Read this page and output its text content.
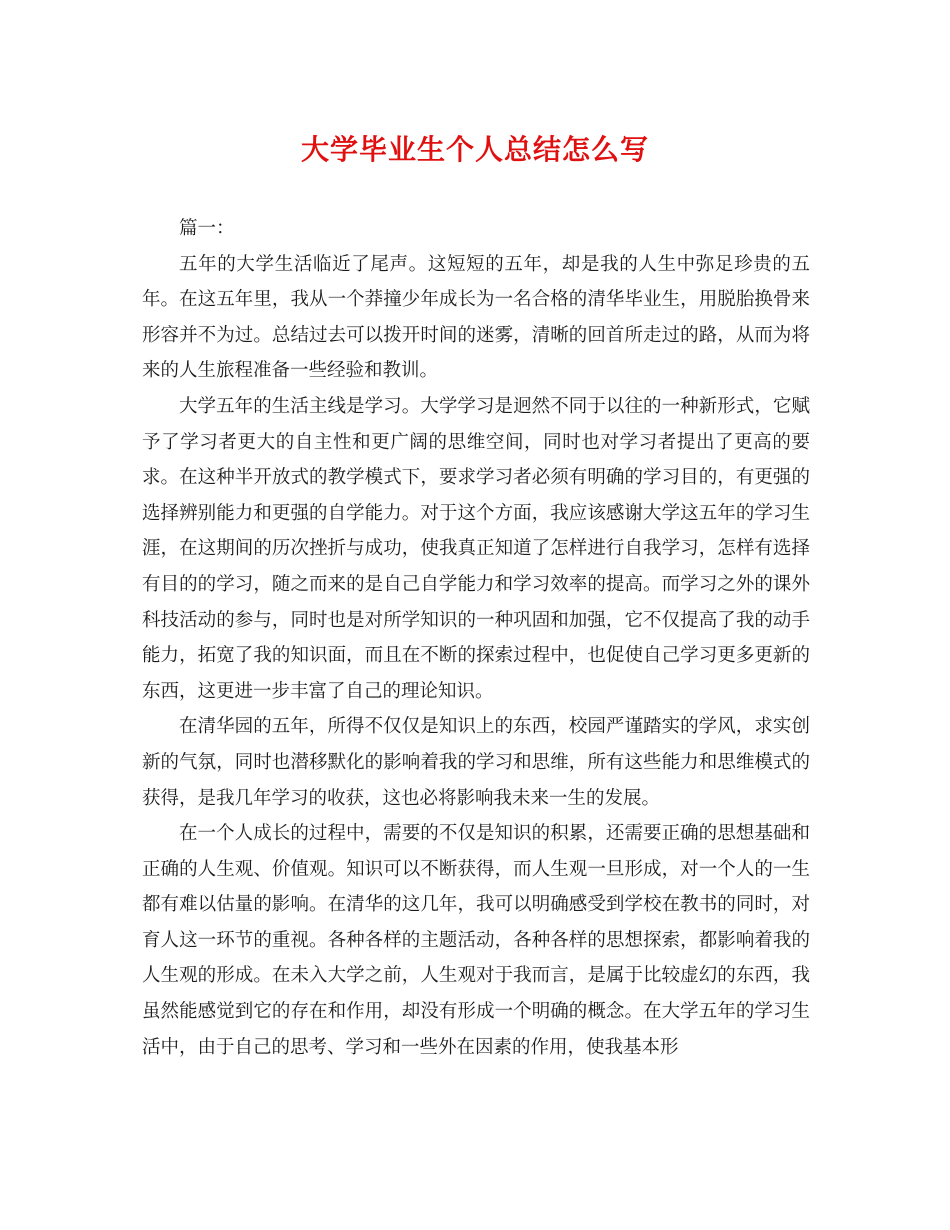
大学毕业生个人总结怎么写

篇一：

五年的大学生活临近了尾声。这短短的五年，却是我的人生中弥足珍贵的五年。在这五年里，我从一个莽撞少年成长为一名合格的清华毕业生，用脱胎换骨来形容并不为过。总结过去可以拨开时间的迷雾，清晰的回首所走过的路，从而为将来的人生旅程准备一些经验和教训。

大学五年的生活主线是学习。大学学习是迥然不同于以往的一种新形式，它赋予了学习者更大的自主性和更广阔的思维空间，同时也对学习者提出了更高的要求。在这种半开放式的教学模式下，要求学习者必须有明确的学习目的，有更强的选择辨别能力和更强的自学能力。对于这个方面，我应该感谢大学这五年的学习生涯，在这期间的历次挫折与成功，使我真正知道了怎样进行自我学习，怎样有选择有目的的学习，随之而来的是自己自学能力和学习效率的提高。而学习之外的课外科技活动的参与，同时也是对所学知识的一种巩固和加强，它不仅提高了我的动手能力，拓宽了我的知识面，而且在不断的探索过程中，也促使自己学习更多更新的东西，这更进一步丰富了自己的理论知识。

在清华园的五年，所得不仅仅是知识上的东西，校园严谨踏实的学风，求实创新的气氛，同时也潜移默化的影响着我的学习和思维，所有这些能力和思维模式的获得，是我几年学习的收获，这也必将影响我未来一生的发展。

在一个人成长的过程中，需要的不仅是知识的积累，还需要正确的思想基础和正确的人生观、价值观。知识可以不断获得，而人生观一旦形成，对一个人的一生都有难以估量的影响。在清华的这几年，我可以明确感受到学校在教书的同时，对育人这一环节的重视。各种各样的主题活动，各种各样的思想探索，都影响着我的人生观的形成。在未入大学之前，人生观对于我而言，是属于比较虚幻的东西，我虽然能感觉到它的存在和作用，却没有形成一个明确的概念。在大学五年的学习生活中，由于自己的思考、学习和一些外在因素的作用，使我基本形
